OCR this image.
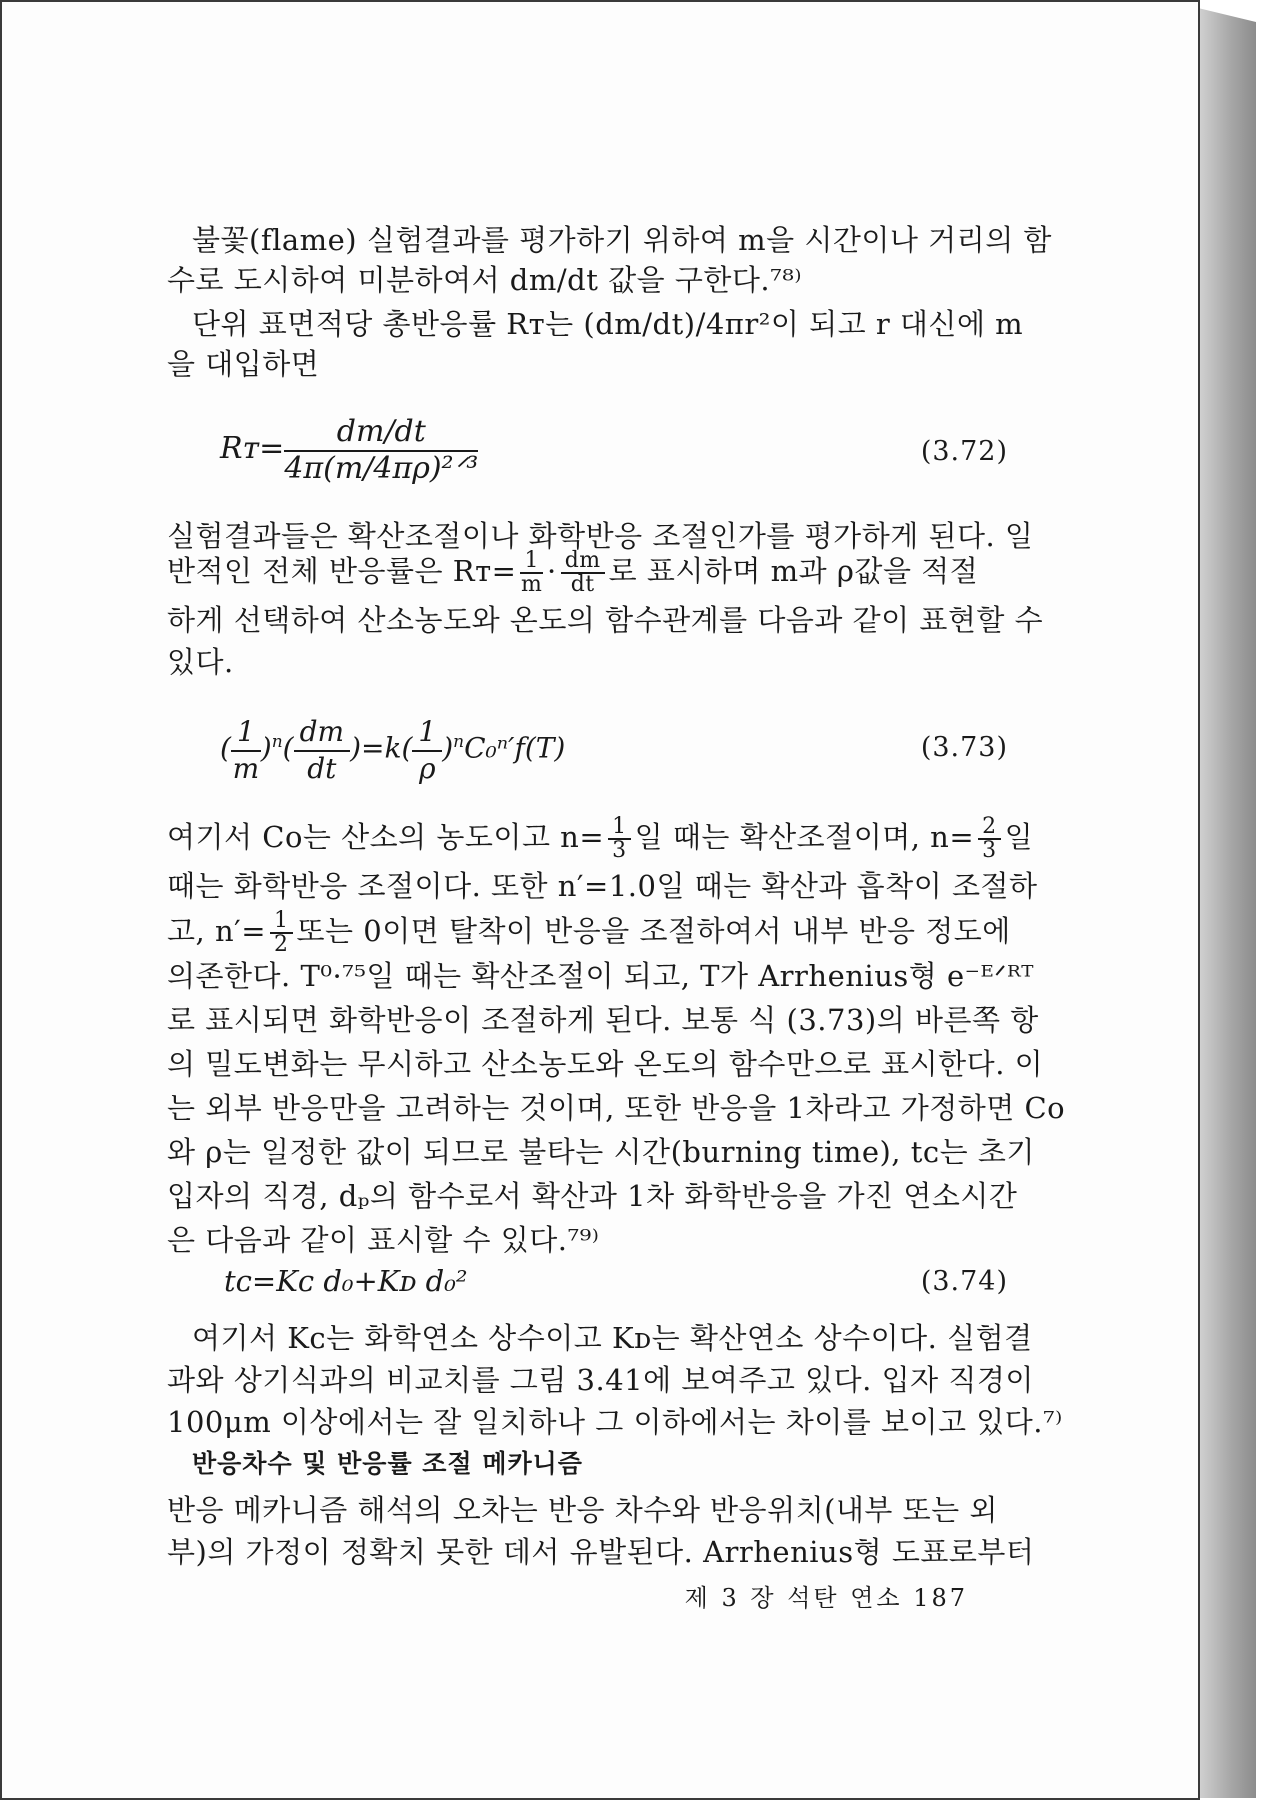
불꽃(flame) 실험결과를 평가하기 위하여 m을 시간이나 거리의 함
수로 도시하여 미분하여서 dm/dt 값을 구한다.⁷⁸⁾
단위 표면적당 총반응률 Rᴛ는 (dm/dt)/4πr²이 되고 r 대신에 m
을 대입하면
Rᴛ= $\frac{dm/dt}{\text{4π(m/4πρ)²ᐟ³}}$	(3.72)
실험결과들은 확산조절이나 화학반응 조절인가를 평가하게 된다. 일
반적인 전체 반응률은 Rᴛ= $\frac{1}{m} \cdot \frac{dm}{dt}$ 로 표시하며 m과 ρ값을 적절
하게 선택하여 산소농도와 온도의 함수관계를 다음과 같이 표현할 수
있다.
( $\frac{1}{m} )^n( \frac{dm}{dt} )=k( \frac{1}{\rho} )^nC_0^n'f(T)$	(3.73)
여기서 Co는 산소의 농도이고 $n= \frac{1}{3}$ 일 때는 확산조절이며, $n= \frac{2}{3}$ 일
때는 화학반응 조절이다. 또한 n′=1.0일 때는 확산과 흡착이 조절하
고, $n'= \frac{1}{2}$ 또는 0이면 탈착이 반응을 조절하여서 내부 반응 정도에
의존한다. T⁰·⁷⁵일 때는 확산조절이 되고, T가 Arrhenius형 e⁻ᴱᐟᴿᵀ
로 표시되면 화학반응이 조절하게 된다. 보통 식 (3.73)의 바른쪽 항
의 밀도변화는 무시하고 산소농도와 온도의 함수만으로 표시한다. 이
는 외부 반응만을 고려하는 것이며, 또한 반응을 1차라고 가정하면 Co
와 ρ는 일정한 값이 되므로 불타는 시간(burning time), tᴄ는 초기
입자의 직경, dₚ의 함수로서 확산과 1차 화학반응을 가진 연소시간
은 다음과 같이 표시할 수 있다.⁷⁹⁾
tᴄ=Kᴄ d₀+Kᴅ d₀²	(3.74)
여기서 Kᴄ는 화학연소 상수이고 Kᴅ는 확산연소 상수이다. 실험결
과와 상기식과의 비교치를 그림 3.41에 보여주고 있다. 입자 직경이
100μm 이상에서는 잘 일치하나 그 이하에서는 차이를 보이고 있다.⁷⁾
반응차수 및 반응률 조절 메카니즘
반응 메카니즘 해석의 오차는 반응 차수와 반응위치(내부 또는 외
부)의 가정이 정확치 못한 데서 유발된다. Arrhenius형 도표로부터
제 3 장 석탄 연소 187
